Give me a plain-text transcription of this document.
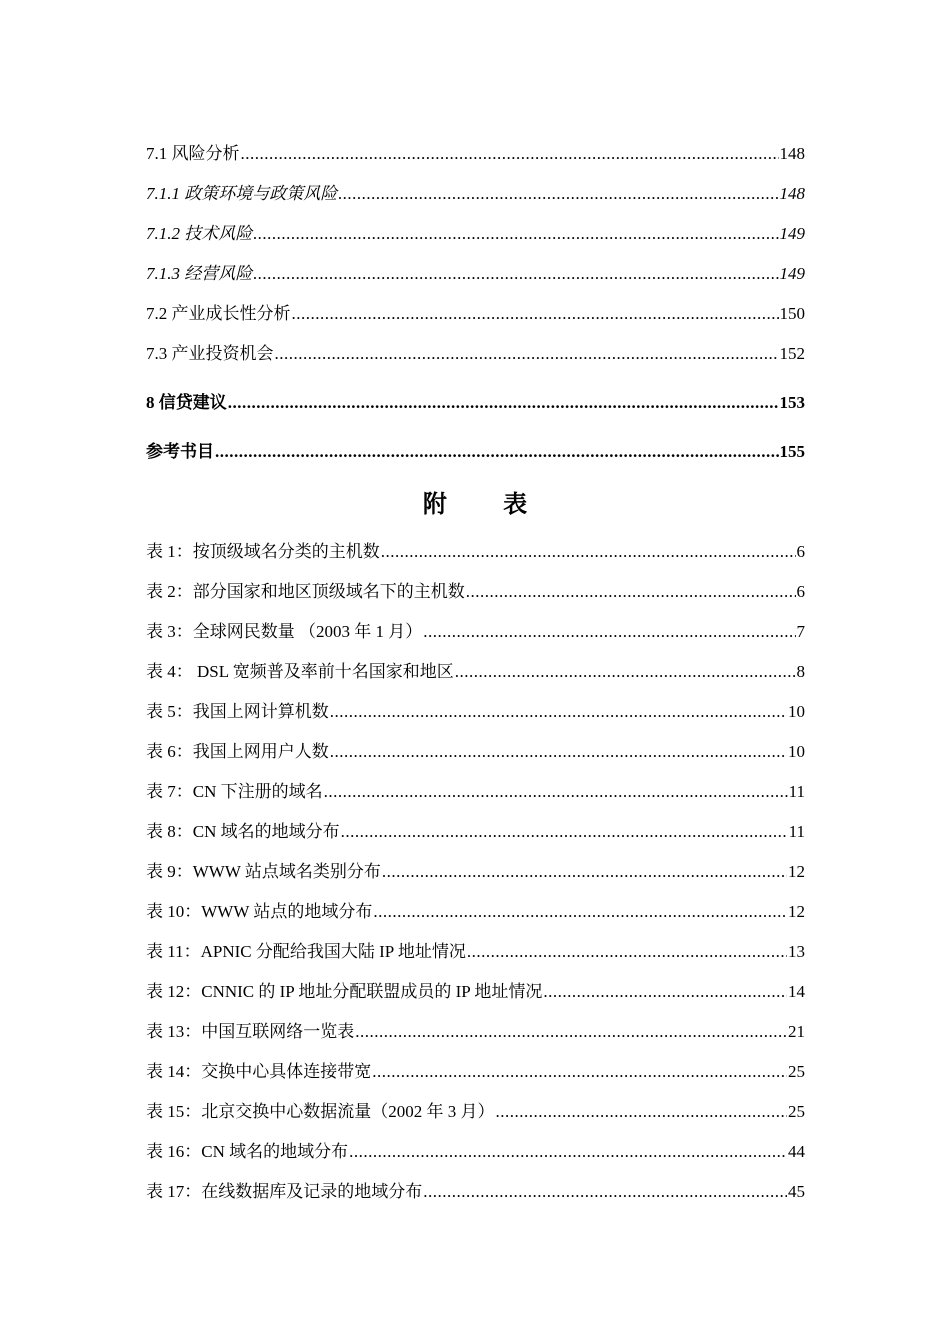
7.1 风险分析 .....	148
7.1.1 政策环境与政策风险 .....	148
7.1.2 技术风险 .....	149
7.1.3 经营风险 .....	149
7.2 产业成长性分析 .....	150
7.3 产业投资机会 .....	152
8 信贷建议 .....	153
参考书目 .....	155
附 表
表 1：按顶级域名分类的主机数 .....	6
表 2：部分国家和地区顶级域名下的主机数 .....	6
表 3：全球网民数量 （2003 年 1 月） .....	7
表 4： DSL 宽频普及率前十名国家和地区 .....	8
表 5：我国上网计算机数 .....	10
表 6：我国上网用户人数 .....	10
表 7：CN 下注册的域名 .....	11
表 8：CN 域名的地域分布 .....	11
表 9：WWW 站点域名类别分布 .....	12
表 10：WWW 站点的地域分布 .....	12
表 11：APNIC 分配给我国大陆 IP 地址情况 .....	13
表 12：CNNIC 的 IP 地址分配联盟成员的 IP 地址情况 .....	14
表 13：中国互联网络一览表 .....	21
表 14：交换中心具体连接带宽 .....	25
表 15：北京交换中心数据流量（2002 年 3 月） .....	25
表 16：CN 域名的地域分布 .....	44
表 17：在线数据库及记录的地域分布 .....	45
